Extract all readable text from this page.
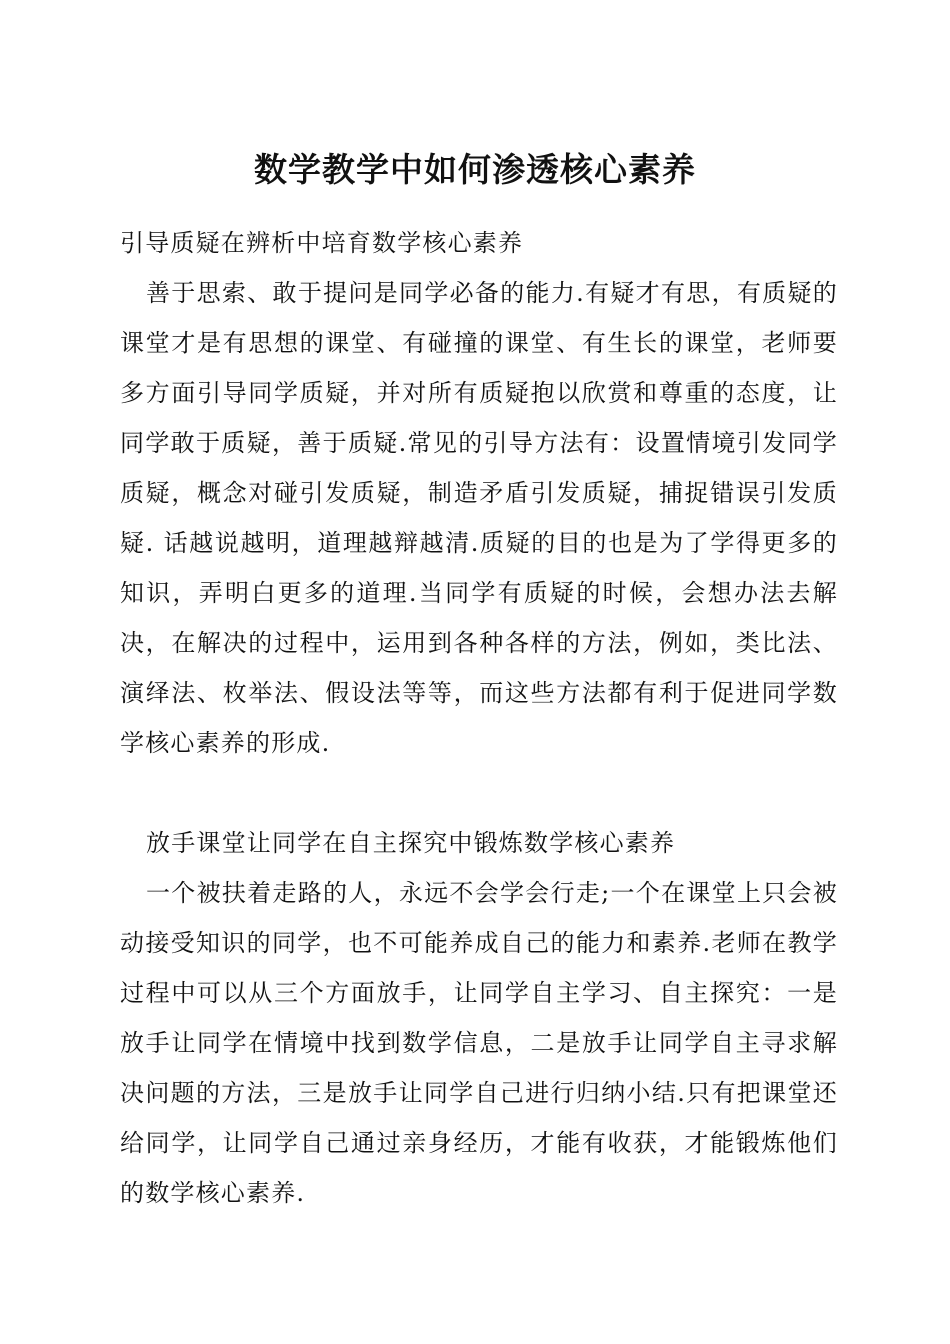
数学教学中如何渗透核心素养
引导质疑在辨析中培育数学核心素养
善于思索、敢于提问是同学必备的能力.有疑才有思，有质疑的课堂才是有思想的课堂、有碰撞的课堂、有生长的课堂，老师要多方面引导同学质疑，并对所有质疑抱以欣赏和尊重的态度，让同学敢于质疑，善于质疑.常见的引导方法有：设置情境引发同学质疑，概念对碰引发质疑，制造矛盾引发质疑，捕捉错误引发质疑. 话越说越明，道理越辩越清.质疑的目的也是为了学得更多的知识，弄明白更多的道理.当同学有质疑的时候，会想办法去解决，在解决的过程中，运用到各种各样的方法，例如，类比法、演绎法、枚举法、假设法等等，而这些方法都有利于促进同学数学核心素养的形成.
放手课堂让同学在自主探究中锻炼数学核心素养
一个被扶着走路的人，永远不会学会行走;一个在课堂上只会被动接受知识的同学，也不可能养成自己的能力和素养.老师在教学过程中可以从三个方面放手，让同学自主学习、自主探究：一是放手让同学在情境中找到数学信息，二是放手让同学自主寻求解决问题的方法，三是放手让同学自己进行归纳小结.只有把课堂还给同学，让同学自己通过亲身经历，才能有收获，才能锻炼他们的数学核心素养.
